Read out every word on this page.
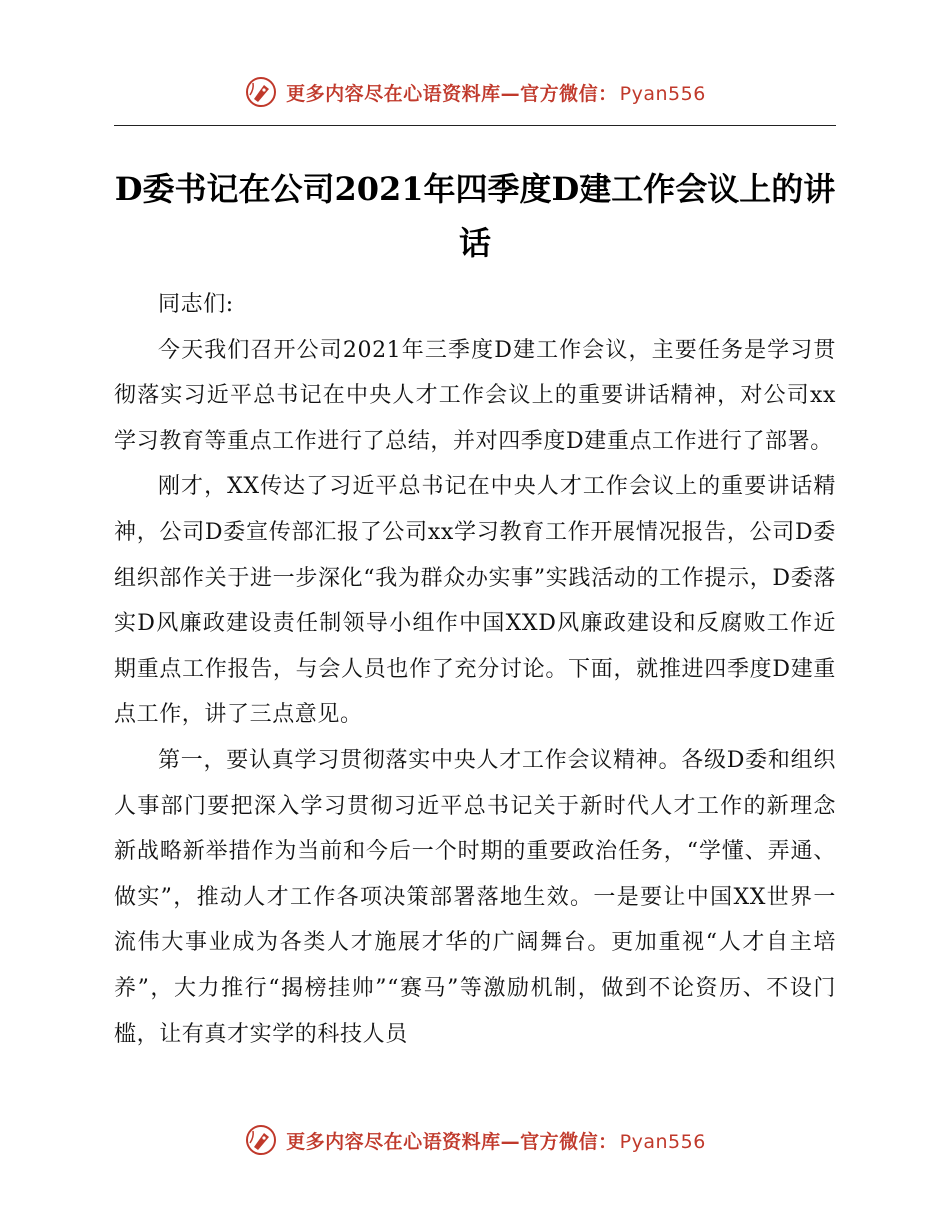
更多内容尽在心语资料库—官方微信： Pyan556
D委书记在公司2021年四季度D建工作会议上的讲话

同志们:

今天我们召开公司2021年三季度D建工作会议，主要任务是学习贯彻落实习近平总书记在中央人才工作会议上的重要讲话精神，对公司xx学习教育等重点工作进行了总结，并对四季度D建重点工作进行了部署。

刚才，XX传达了习近平总书记在中央人才工作会议上的重要讲话精神，公司D委宣传部汇报了公司xx学习教育工作开展情况报告，公司D委组织部作关于进一步深化“我为群众办实事”实践活动的工作提示，D委落实D风廉政建设责任制领导小组作中国XXD风廉政建设和反腐败工作近期重点工作报告，与会人员也作了充分讨论。下面，就推进四季度D建重点工作，讲了三点意见。

第一，要认真学习贯彻落实中央人才工作会议精神。各级D委和组织人事部门要把深入学习贯彻习近平总书记关于新时代人才工作的新理念新战略新举措作为当前和今后一个时期的重要政治任务，“学懂、弄通、做实”，推动人才工作各项决策部署落地生效。一是要让中国XX世界一流伟大事业成为各类人才施展才华的广阔舞台。更加重视“人才自主培养”，大力推行“揭榜挂帅”“赛马”等激励机制，做到不论资历、不设门槛，让有真才实学的科技人员

更多内容尽在心语资料库—官方微信： Pyan556
